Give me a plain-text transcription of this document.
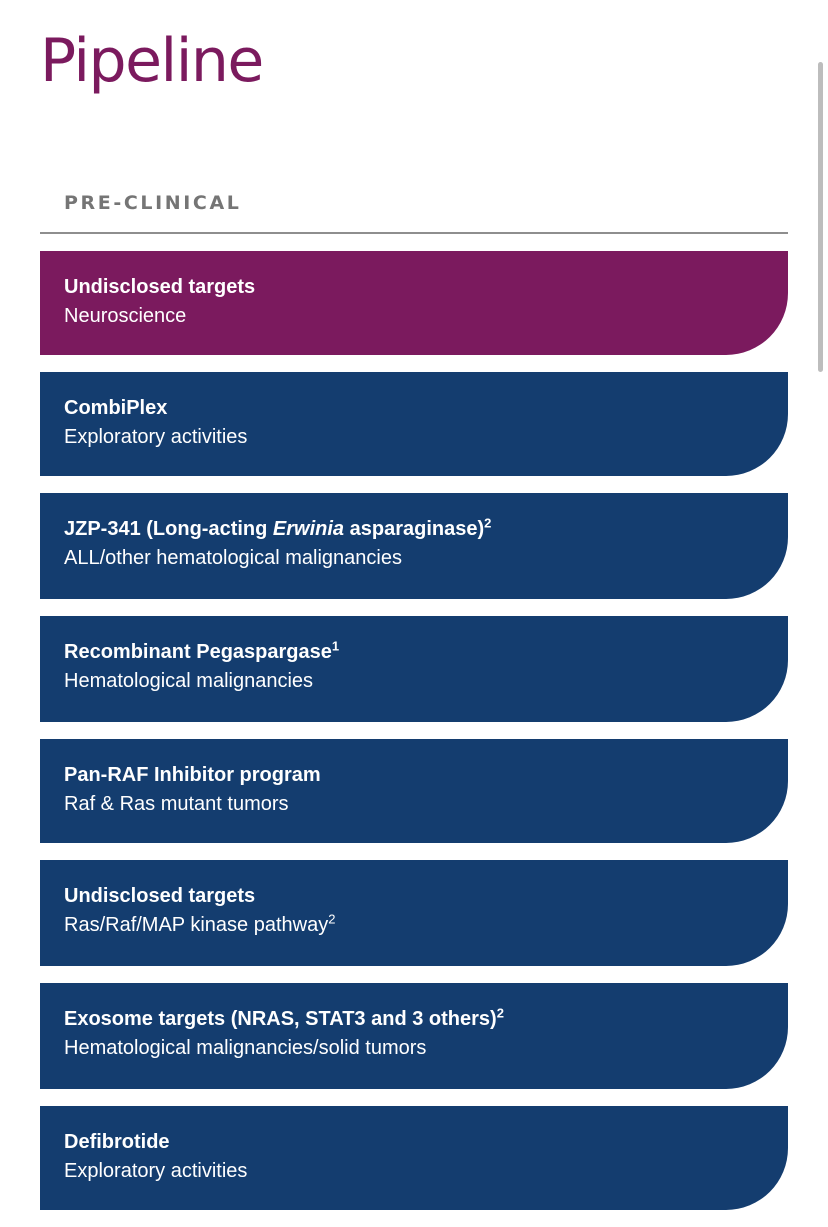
Pipeline
PRE-CLINICAL
Undisclosed targets
Neuroscience
CombiPlex
Exploratory activities
JZP-341 (Long-acting Erwinia asparaginase)$^2$
ALL/other hematological malignancies
Recombinant Pegaspargase$^1$
Hematological malignancies
Pan-RAF Inhibitor program
Raf & Ras mutant tumors
Undisclosed targets
Ras/Raf/MAP kinase pathway$^2$
Exosome targets (NRAS, STAT3 and 3 others)$^2$
Hematological malignancies/solid tumors
Defibrotide
Exploratory activities
